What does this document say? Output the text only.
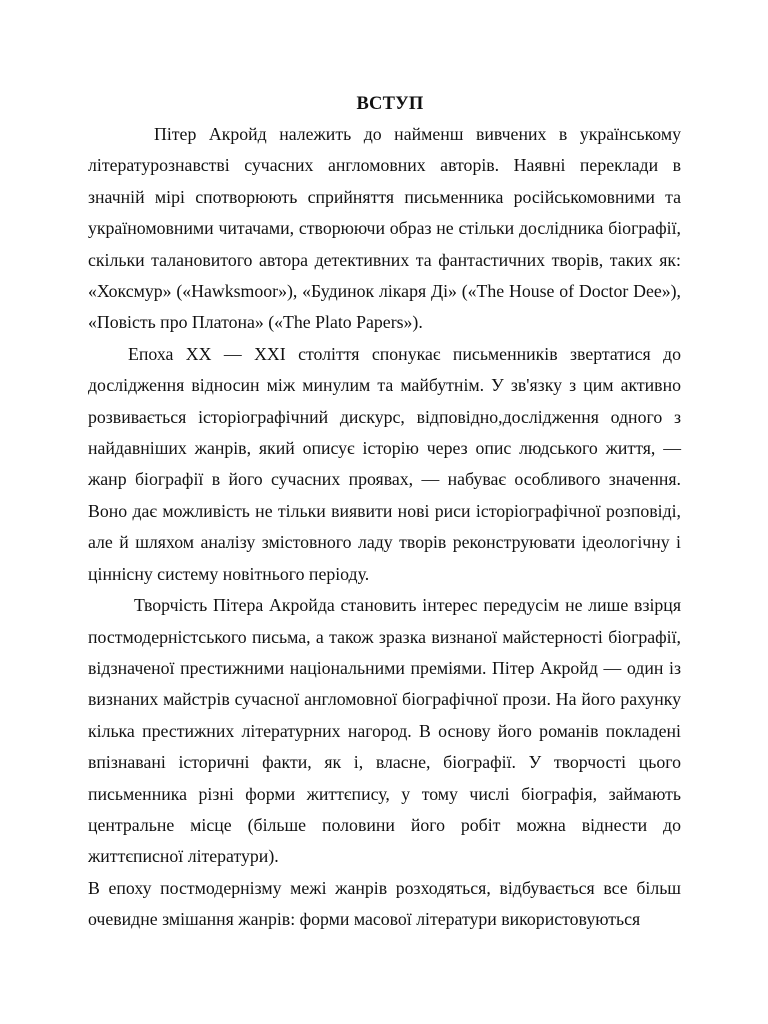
ВСТУП

Пітер Акройд належить до найменш вивчених в українському літературознавстві сучасних англомовних авторів. Наявні переклади в значній мірі спотворюють сприйняття письменника російськомовними та україномовними читачами, створюючи образ не стільки дослідника біографії, скільки талановитого автора детективних та фантастичних творів, таких як: «Хоксмур» («Hawksmoor»), «Будинок лікаря Ді» («The House of Doctor Dee»), «Повість про Платона» («The Plato Papers»).

Епоха ХХ — ХХІ століття спонукає письменників звертатися до дослідження відносин між минулим та майбутнім. У зв'язку з цим активно розвивається історіографічний дискурс, відповідно,дослідження одного з найдавніших жанрів, який описує історію через опис людського життя, — жанр біографії в його сучасних проявах, — набуває особливого значення. Воно дає можливість не тільки виявити нові риси історіографічної розповіді, але й шляхом аналізу змістовного ладу творів реконструювати ідеологічну і ціннісну систему новітнього періоду.

Творчість Пітера Акройда становить інтерес передусім не лише взірця постмодерністського письма, а також зразка визнаної майстерності біографії, відзначеної престижними національними преміями. Пітер Акройд — один із визнаних майстрів сучасної англомовної біографічної прози. На його рахунку кілька престижних літературних нагород. В основу його романів покладені впізнавані історичні факти, як і, власне, біографії. У творчості цього письменника різні форми життєпису, у тому числі біографія, займають центральне місце (більше половини його робіт можна віднести до життєписної літератури).

В епоху постмодернізму межі жанрів розходяться, відбувається все більш очевидне змішання жанрів: форми масової літератури використовуються
